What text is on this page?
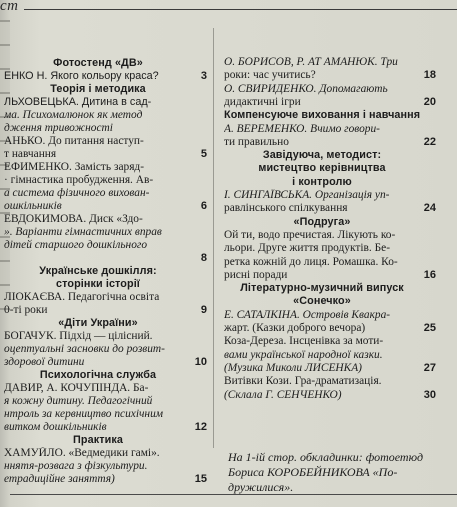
ст
Фотостенд «ДВ»
ЕНКО Н. Якого кольору краса?	3
Теорія і методика
ЛЬХОВЕЦЬКА. Дитина в сад-
ма. Психомалюнок як метод
дження тривожності
АНЬКО. До питання наступ-
т навчання	5
ЕФИМЕНКО. Замість заряд-
· гімнастика пробудження. Ав-
а система фізичного вихован-
ошкільників	6
ЕВДОКИМОВА. Диск «Здо-
». Варіанти гімнастичних вправ
дітей старшого дошкільного
8
Українське дошкілля:
сторінки історії
ЛІОКАЄВА. Педагогічна освіта
0-ті роки	9
«Діти України»
БОГАЧУК. Підхід — цілісний.
оцептуальні засновки до розвит-
здорової дитини	10
Психологічна служба
ДАВИР, А. КОЧУПІНДА. Ба-
я кожну дитину. Педагогічний
нтроль за кервництво психічним
витком дошкільників	12
Практика
ХАМУЙЛО. «Ведмедики гамі».
ннятя-розвага з фізкультури.
етрадиційне заняття)	15
О. БОРИСОВ, Р. АТ АМАНЮК. Три
роки: час учитись?	18
О. СВИРИДЕНКО. Допомагають
дидактичні ігри	20
Компенсуюче виховання і навчання
А. ВЕРЕМЕНКО. Вчимо говори-
ти правильно	22
Завідуюча, методист:
мистецтво керівництва
і контролю
І. СИНГАЇВСЬКА. Організація уп-
равлінського спілкування	24
«Подруга»
Ой ти, водо пречистая. Лікують ко-
льори. Друге життя продуктів. Бе-
ретка кожній до лиця. Ромашка. Ко-
рисні поради	16
Літературно-музичний випуск
«Сонечко»
Е. САТАЛКІНА. Островів Квакра-
жарт. (Казки доброго вечора)	25
Коза-Дереза. Інсценівка за моти-
вами української народної казки.
(Музика Миколи ЛИСЕНКА)	27
Витівки Кози. Гра-драматизація.
(Склала Г. СЕНЧЕНКО)	30
На 1-ій стор. обкладинки: фотоетюд
Бориса КОРОБЕЙНИКОВА «По-
дружилися».
